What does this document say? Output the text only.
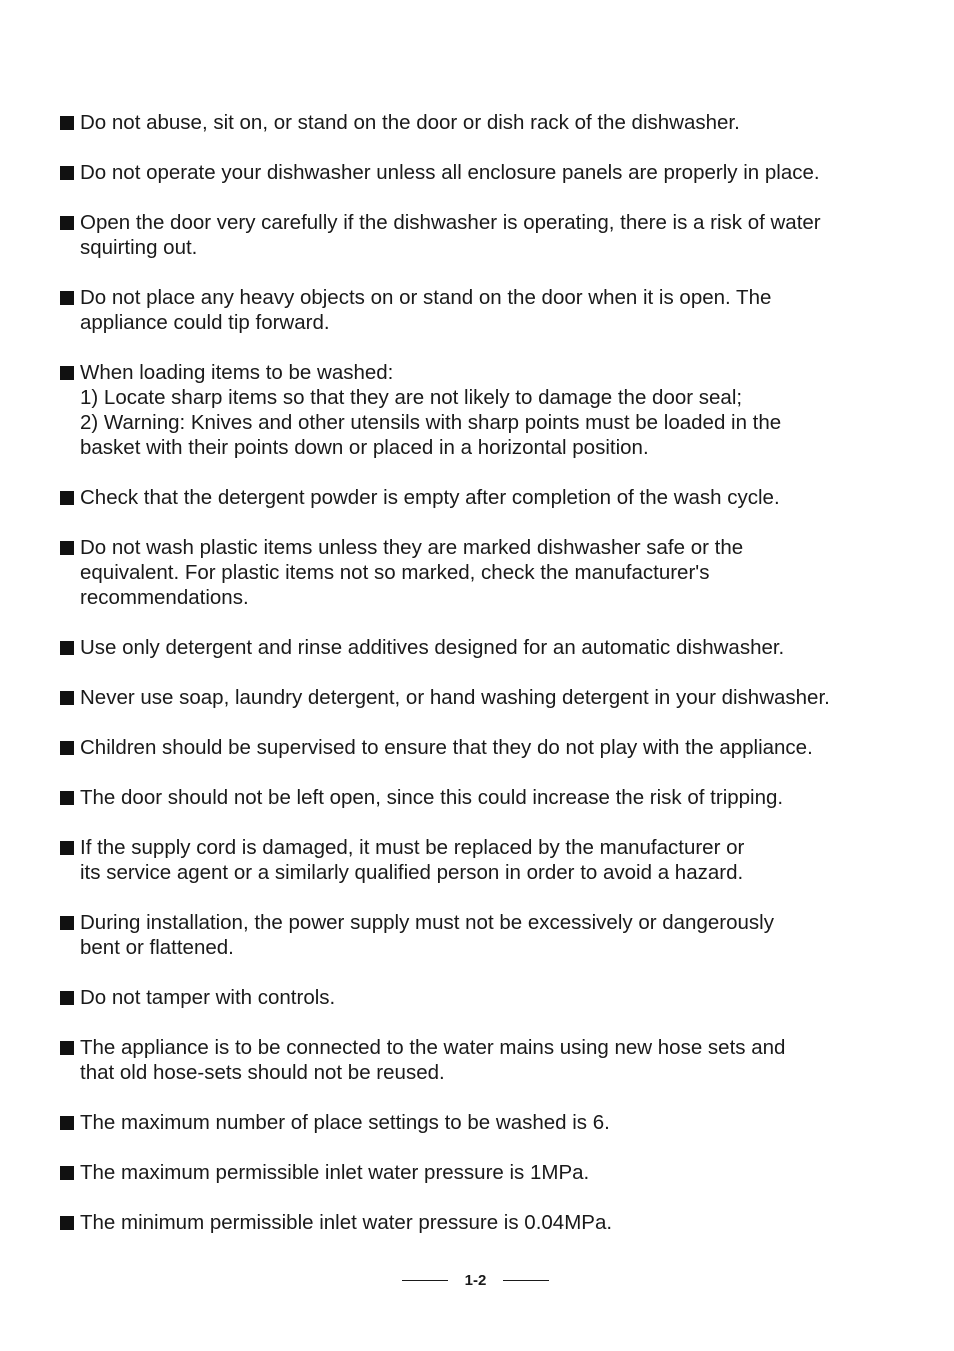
Do not abuse, sit on, or stand on the door or dish rack of the dishwasher.
Do not operate your dishwasher unless all enclosure panels are properly in place.
Open the door very carefully if the dishwasher is operating, there is a risk of water
squirting out.
Do not place any heavy objects on or stand on the door when it is open. The
appliance could tip forward.
When loading items to be washed:
1) Locate sharp items so that they are not likely to damage the door seal;
2) Warning: Knives and other utensils with sharp points must be loaded in the
basket with their points down or placed in a horizontal position.
Check that the detergent powder is empty after completion of the wash cycle.
Do not wash plastic items unless they are marked dishwasher safe or the
equivalent. For plastic items not so marked, check the manufacturer's
recommendations.
Use only detergent and rinse additives designed for an automatic dishwasher.
Never use soap, laundry detergent, or hand washing detergent in your dishwasher.
Children should be supervised to ensure that they do not play with the appliance.
The door should not be left open, since this could increase the risk of tripping.
If the supply cord is damaged, it must be replaced by the manufacturer or
its service agent or a similarly qualified person in order to avoid a hazard.
During installation, the power supply must not be excessively or dangerously
bent or flattened.
Do not tamper with controls.
The appliance is to be connected to the water mains using new hose sets and
that old hose-sets should not be reused.
The maximum number of place settings to be washed is 6.
The maximum permissible inlet water pressure is 1MPa.
The minimum permissible inlet water pressure is 0.04MPa.
1-2
